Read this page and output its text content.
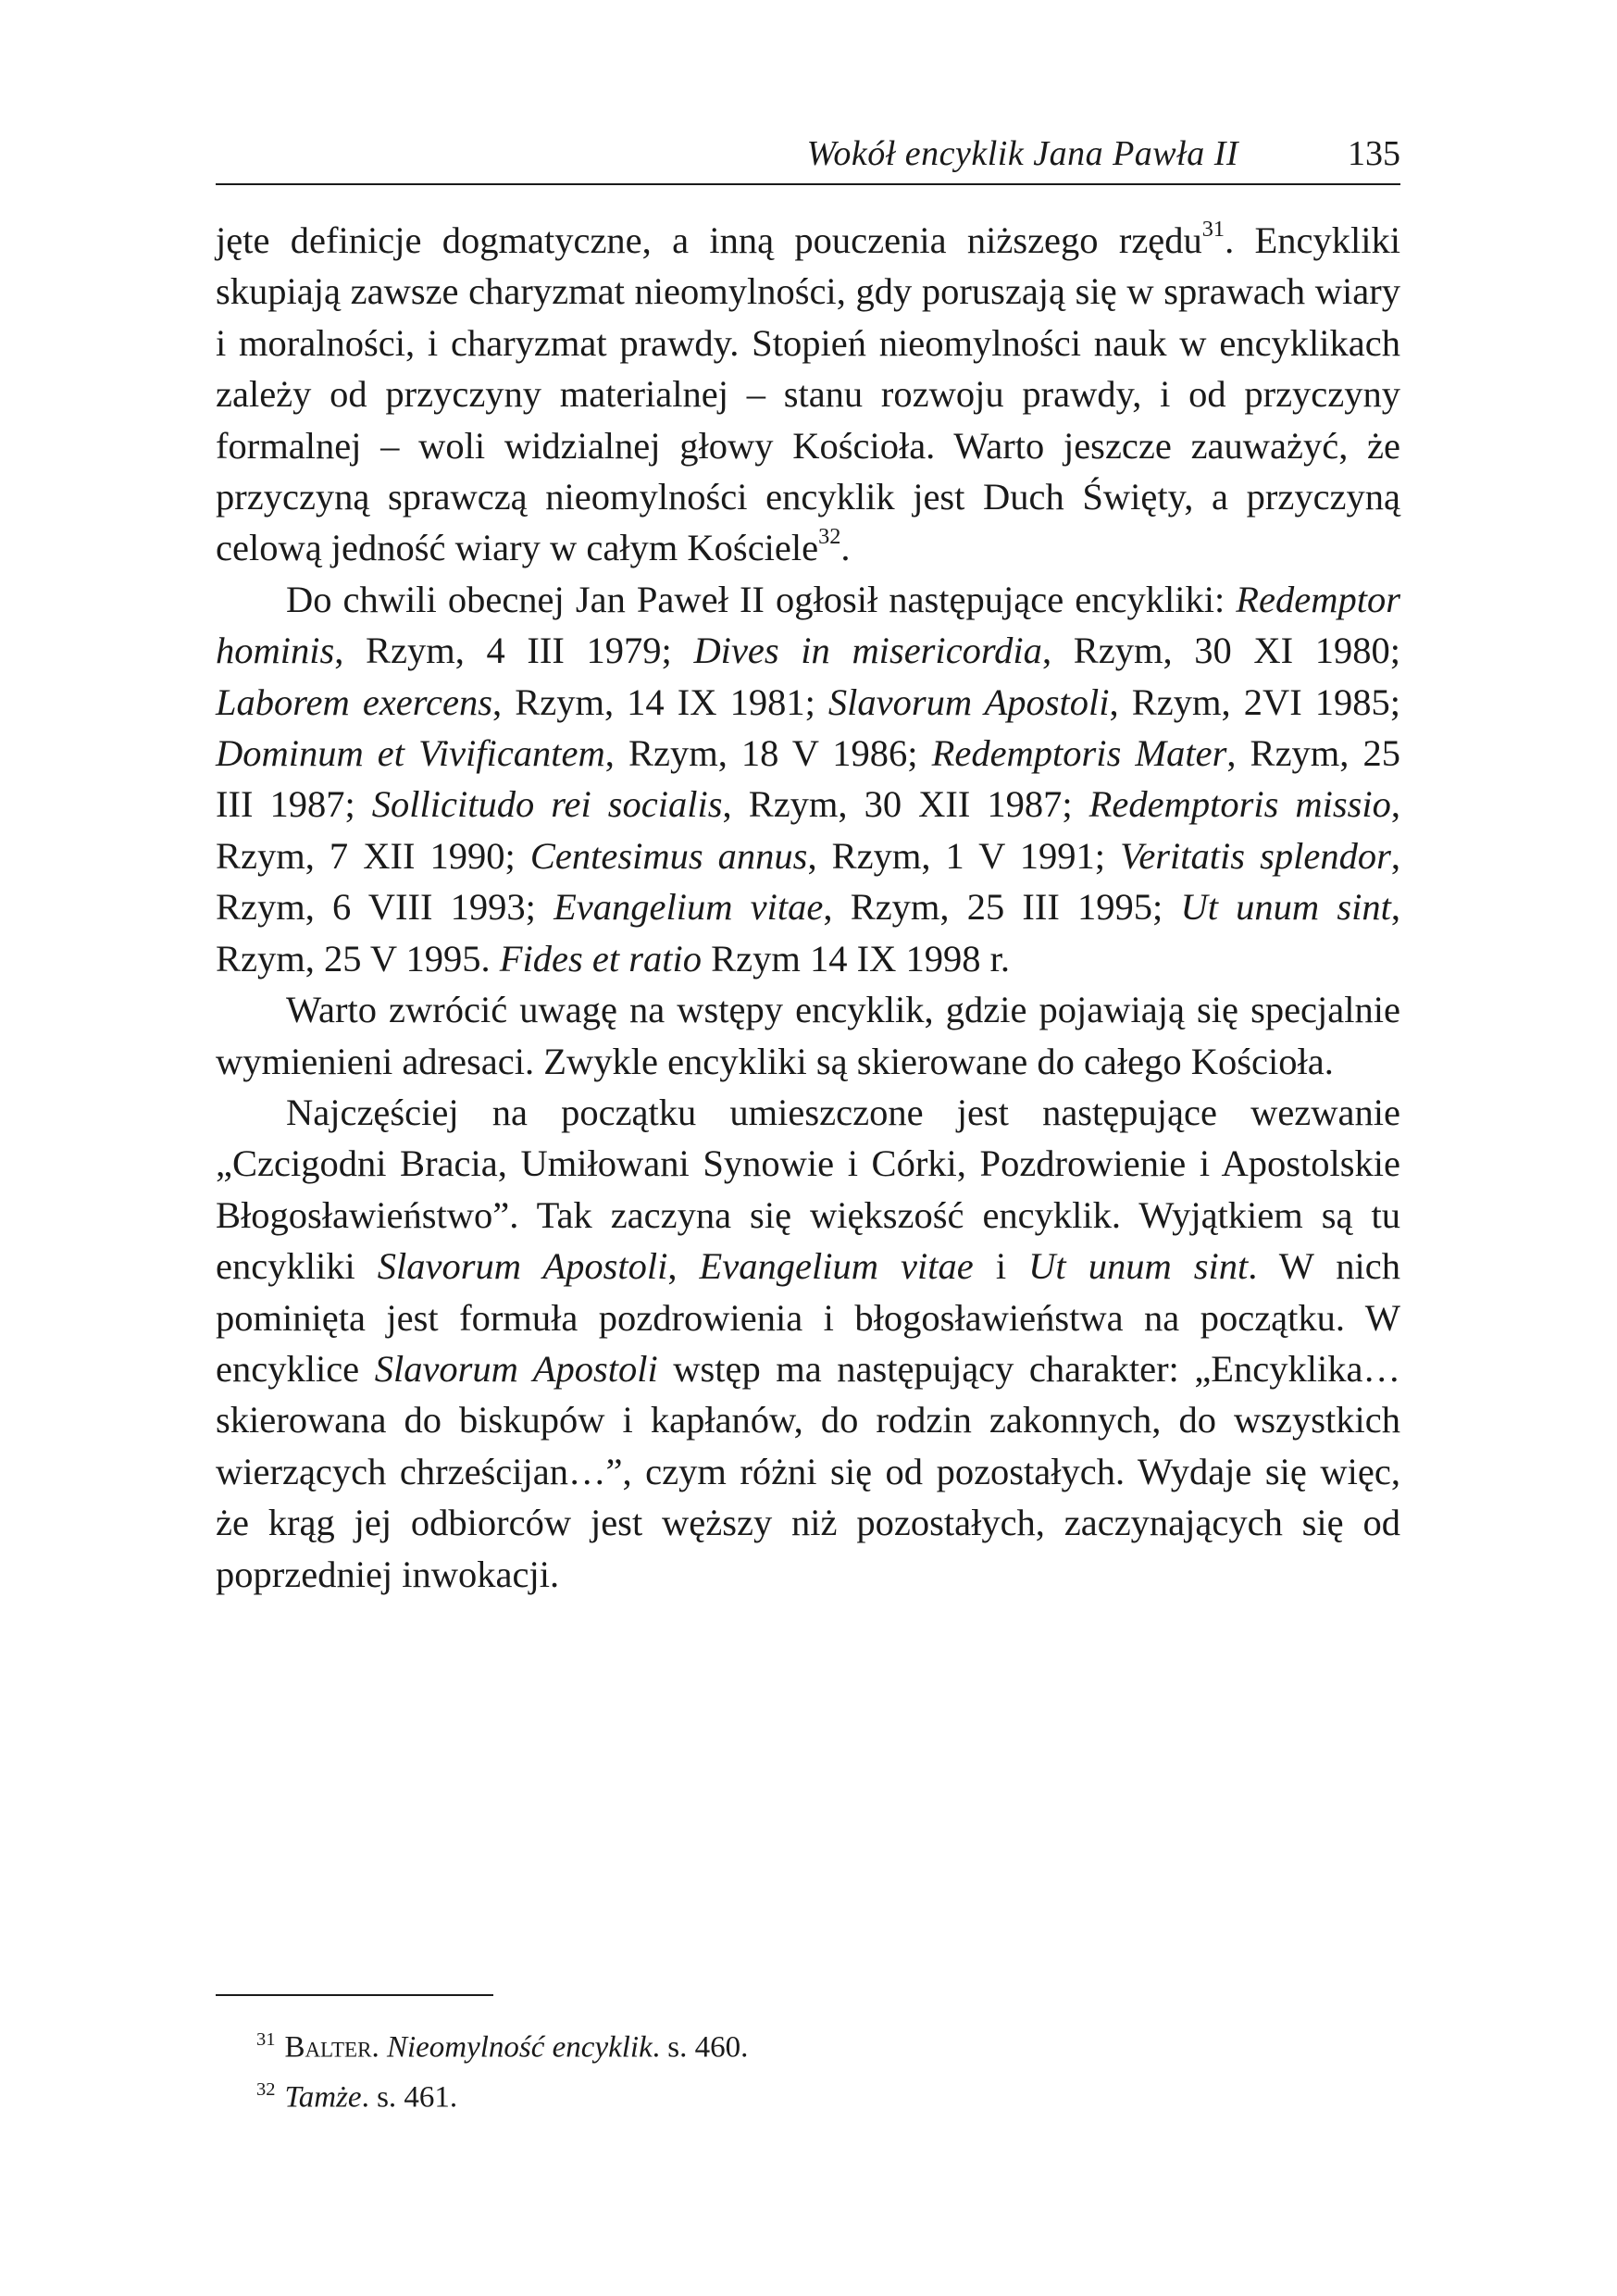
Wokół encyklik Jana Pawła II	135

jęte definicje dogmatyczne, a inną pouczenia niższego rzędu$^{31}$. Encykliki skupiają zawsze charyzmat nieomylności, gdy poruszają się w sprawach wiary i moralności, i charyzmat prawdy. Stopień nieomylności nauk w encyklikach zależy od przyczyny materialnej – stanu rozwoju prawdy, i od przyczyny formalnej – woli widzialnej głowy Kościoła. Warto jeszcze zauważyć, że przyczyną sprawczą nieomylności encyklik jest Duch Święty, a przyczyną celową jedność wiary w całym Kościele$^{32}$.

Do chwili obecnej Jan Paweł II ogłosił następujące encykliki: Redemptor hominis, Rzym, 4 III 1979; Dives in misericordia, Rzym, 30 XI 1980; Laborem exercens, Rzym, 14 IX 1981; Slavorum Apostoli, Rzym, 2VI 1985; Dominum et Vivificantem, Rzym, 18 V 1986; Redemptoris Mater, Rzym, 25 III 1987; Sollicitudo rei socialis, Rzym, 30 XII 1987; Redemptoris missio, Rzym, 7 XII 1990; Centesimus annus, Rzym, 1 V 1991; Veritatis splendor, Rzym, 6 VIII 1993; Evangelium vitae, Rzym, 25 III 1995; Ut unum sint, Rzym, 25 V 1995. Fides et ratio Rzym 14 IX 1998 r.

Warto zwrócić uwagę na wstępy encyklik, gdzie pojawiają się specjalnie wymienieni adresaci. Zwykle encykliki są skierowane do całego Kościoła.

Najczęściej na początku umieszczone jest następujące wezwanie „Czcigodni Bracia, Umiłowani Synowie i Córki, Pozdrowienie i Apostolskie Błogosławieństwo”. Tak zaczyna się większość encyklik. Wyjątkiem są tu encykliki Slavorum Apostoli, Evangelium vitae i Ut unum sint. W nich pominięta jest formuła pozdrowienia i błogosławieństwa na początku. W encyklice Slavorum Apostoli wstęp ma następujący charakter: „Encyklika… skierowana do biskupów i kapłanów, do rodzin zakonnych, do wszystkich wierzących chrześcijan…”, czym różni się od pozostałych. Wydaje się więc, że krąg jej odbiorców jest węższy niż pozostałych, zaczynających się od poprzedniej inwokacji.

$^{31}$ Balter. Nieomylność encyklik. s. 460.
$^{32}$ Tamże. s. 461.
